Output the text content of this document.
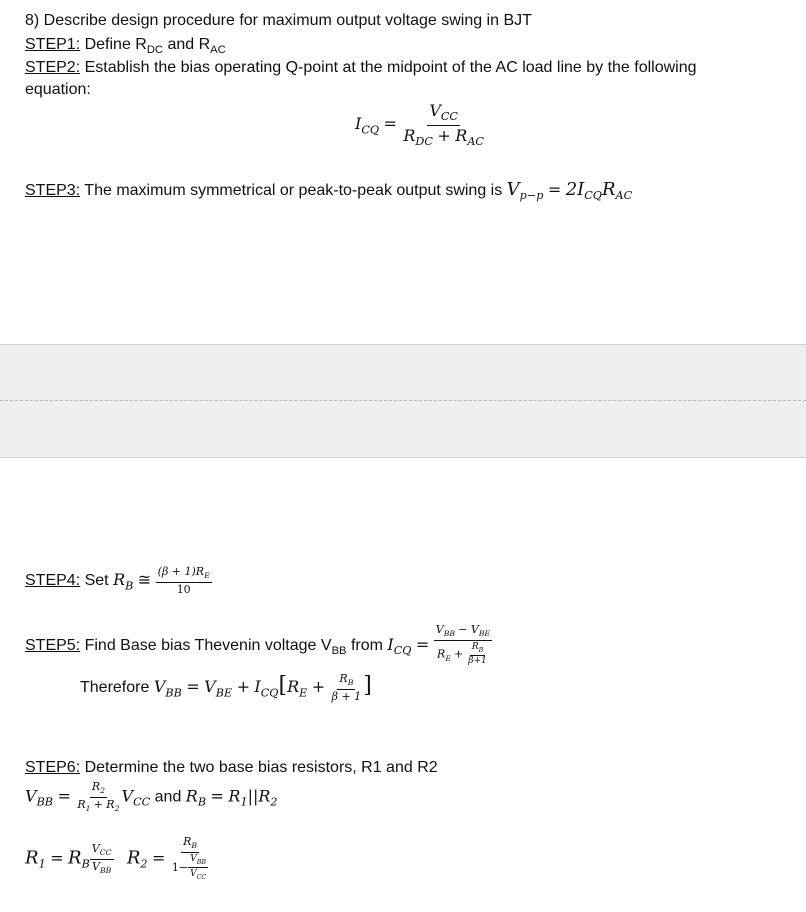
8) Describe design procedure for maximum output voltage swing in BJT
STEP1: Define $R_{DC}$ and $R_{AC}$
STEP2: Establish the bias operating Q-point at the midpoint of the AC load line by the following
equation:
$I_{CQ} = \frac{V_{CC}}{R_{DC} + R_{AC}}$
STEP3: The maximum symmetrical or peak-to-peak output swing is $V_{p-p} = 2I_{CQ}R_{AC}$
STEP4: Set $R_B$ ≅ $\frac{(\beta + 1)R_E}{10}$
STEP5: Find Base bias Thevenin voltage $V_{BB}$ from $I_{CQ} = \frac{V_{BB} - V_{BE}}{R_E + \frac{R_B}{\beta+1}}$
Therefore $V_{BB} = V_{BE} + I_{CQ}[R_E + \frac{R_B}{\beta + 1}$ ]
STEP6: Determine the two base bias resistors, R1 and R2
$V_{BB} = \frac{R_2}{R_1 + R_2} V_{CC}$ and $R_B = R_1||R_2$
$R_1 = R_B \frac{V_{CC}}{V_{BB}} R_2 = \frac{R_B}{1- \frac{V_{BB}}{V_{CC}}}$
